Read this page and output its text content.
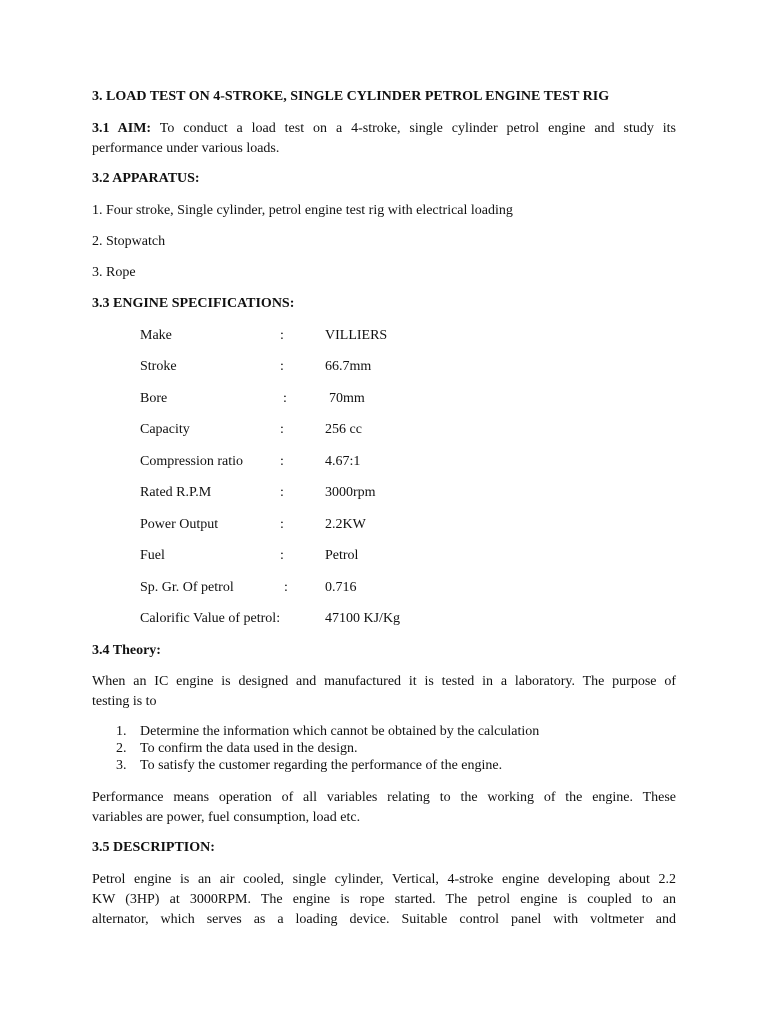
3. LOAD TEST ON 4-STROKE, SINGLE CYLINDER PETROL ENGINE TEST RIG
3.1 AIM: To conduct a load test on a 4-stroke, single cylinder petrol engine and study its
performance under various loads.
3.2 APPARATUS:
1. Four stroke, Single cylinder, petrol engine test rig with electrical loading
2. Stopwatch
3. Rope
3.3 ENGINE SPECIFICATIONS:
Make	:	VILLIERS
Stroke	:	66.7mm
Bore	:	70mm
Capacity	:	256 cc
Compression ratio	:	4.67:1
Rated R.P.M	:	3000rpm
Power Output	:	2.2KW
Fuel	:	Petrol
Sp. Gr. Of petrol	:	0.716
Calorific Value of petrol:	47100 KJ/Kg
3.4 Theory:
When an IC engine is designed and manufactured it is tested in a laboratory. The purpose of
testing is to
1. Determine the information which cannot be obtained by the calculation
2. To confirm the data used in the design.
3. To satisfy the customer regarding the performance of the engine.
Performance means operation of all variables relating to the working of the engine. These
variables are power, fuel consumption, load etc.
3.5 DESCRIPTION:
Petrol engine is an air cooled, single cylinder, Vertical, 4-stroke engine developing about 2.2
KW (3HP) at 3000RPM. The engine is rope started. The petrol engine is coupled to an
alternator, which serves as a loading device. Suitable control panel with voltmeter and
